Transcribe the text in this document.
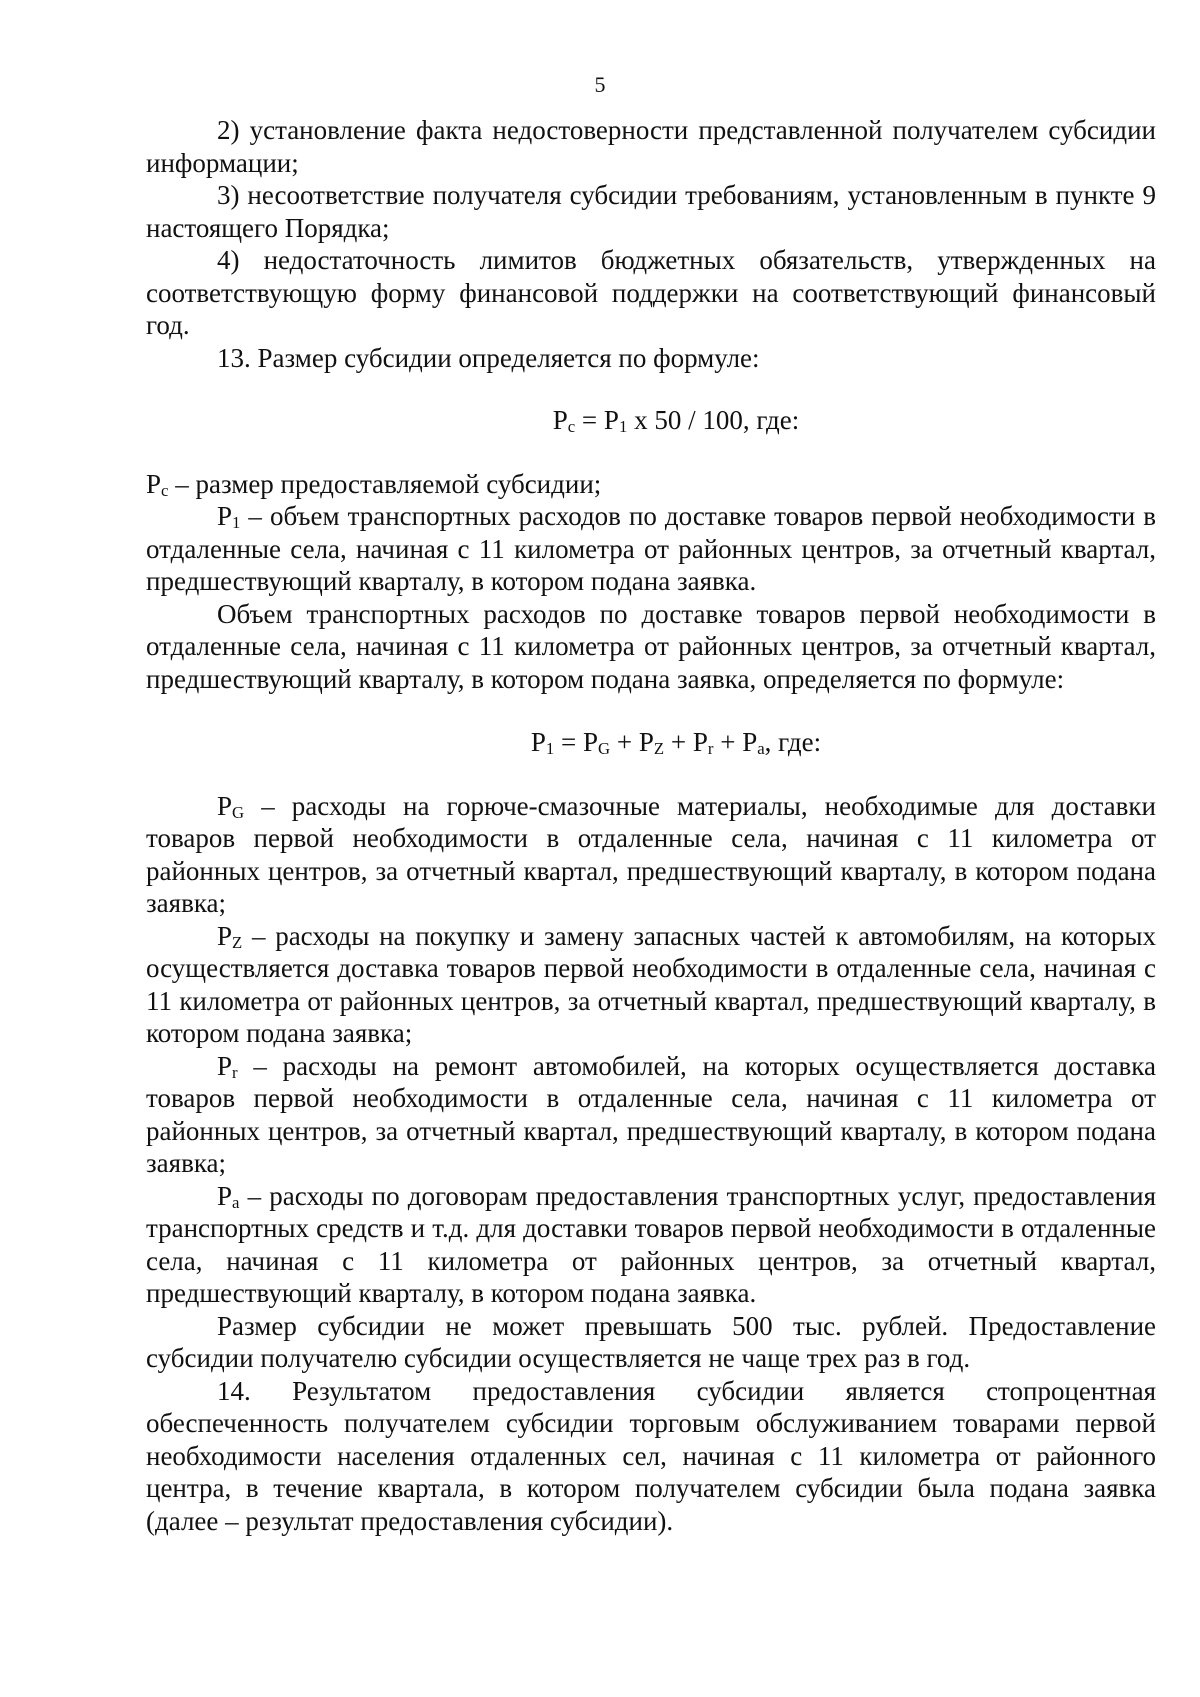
5

2) установление факта недостоверности представленной получателем субсидии информации;

3) несоответствие получателя субсидии требованиям, установленным в пункте 9 настоящего Порядка;

4) недостаточность лимитов бюджетных обязательств, утвержденных на соответствующую форму финансовой поддержки на соответствующий финансовый год.

13. Размер субсидии определяется по формуле:

$P_c = P_1$ x 50 / 100, где:

$P_c$ – размер предоставляемой субсидии;

$P_1$ – объем транспортных расходов по доставке товаров первой необходимости в отдаленные села, начиная с 11 километра от районных центров, за отчетный квартал, предшествующий кварталу, в котором подана заявка.

Объем транспортных расходов по доставке товаров первой необходимости в отдаленные села, начиная с 11 километра от районных центров, за отчетный квартал, предшествующий кварталу, в котором подана заявка, определяется по формуле:

$P_1 = P_G + P_Z + P_r + P_a$, где:

$P_G$ – расходы на горюче-смазочные материалы, необходимые для доставки товаров первой необходимости в отдаленные села, начиная с 11 километра от районных центров, за отчетный квартал, предшествующий кварталу, в котором подана заявка;

$P_Z$ – расходы на покупку и замену запасных частей к автомобилям, на которых осуществляется доставка товаров первой необходимости в отдаленные села, начиная с 11 километра от районных центров, за отчетный квартал, предшествующий кварталу, в котором подана заявка;

$P_r$ – расходы на ремонт автомобилей, на которых осуществляется доставка товаров первой необходимости в отдаленные села, начиная с 11 километра от районных центров, за отчетный квартал, предшествующий кварталу, в котором подана заявка;

$P_a$ – расходы по договорам предоставления транспортных услуг, предоставления транспортных средств и т.д. для доставки товаров первой необходимости в отдаленные села, начиная с 11 километра от районных центров, за отчетный квартал, предшествующий кварталу, в котором подана заявка.

Размер субсидии не может превышать 500 тыс. рублей. Предоставление субсидии получателю субсидии осуществляется не чаще трех раз в год.

14. Результатом предоставления субсидии является стопроцентная обеспеченность получателем субсидии торговым обслуживанием товарами первой необходимости населения отдаленных сел, начиная с 11 километра от районного центра, в течение квартала, в котором получателем субсидии была подана заявка (далее – результат предоставления субсидии).
